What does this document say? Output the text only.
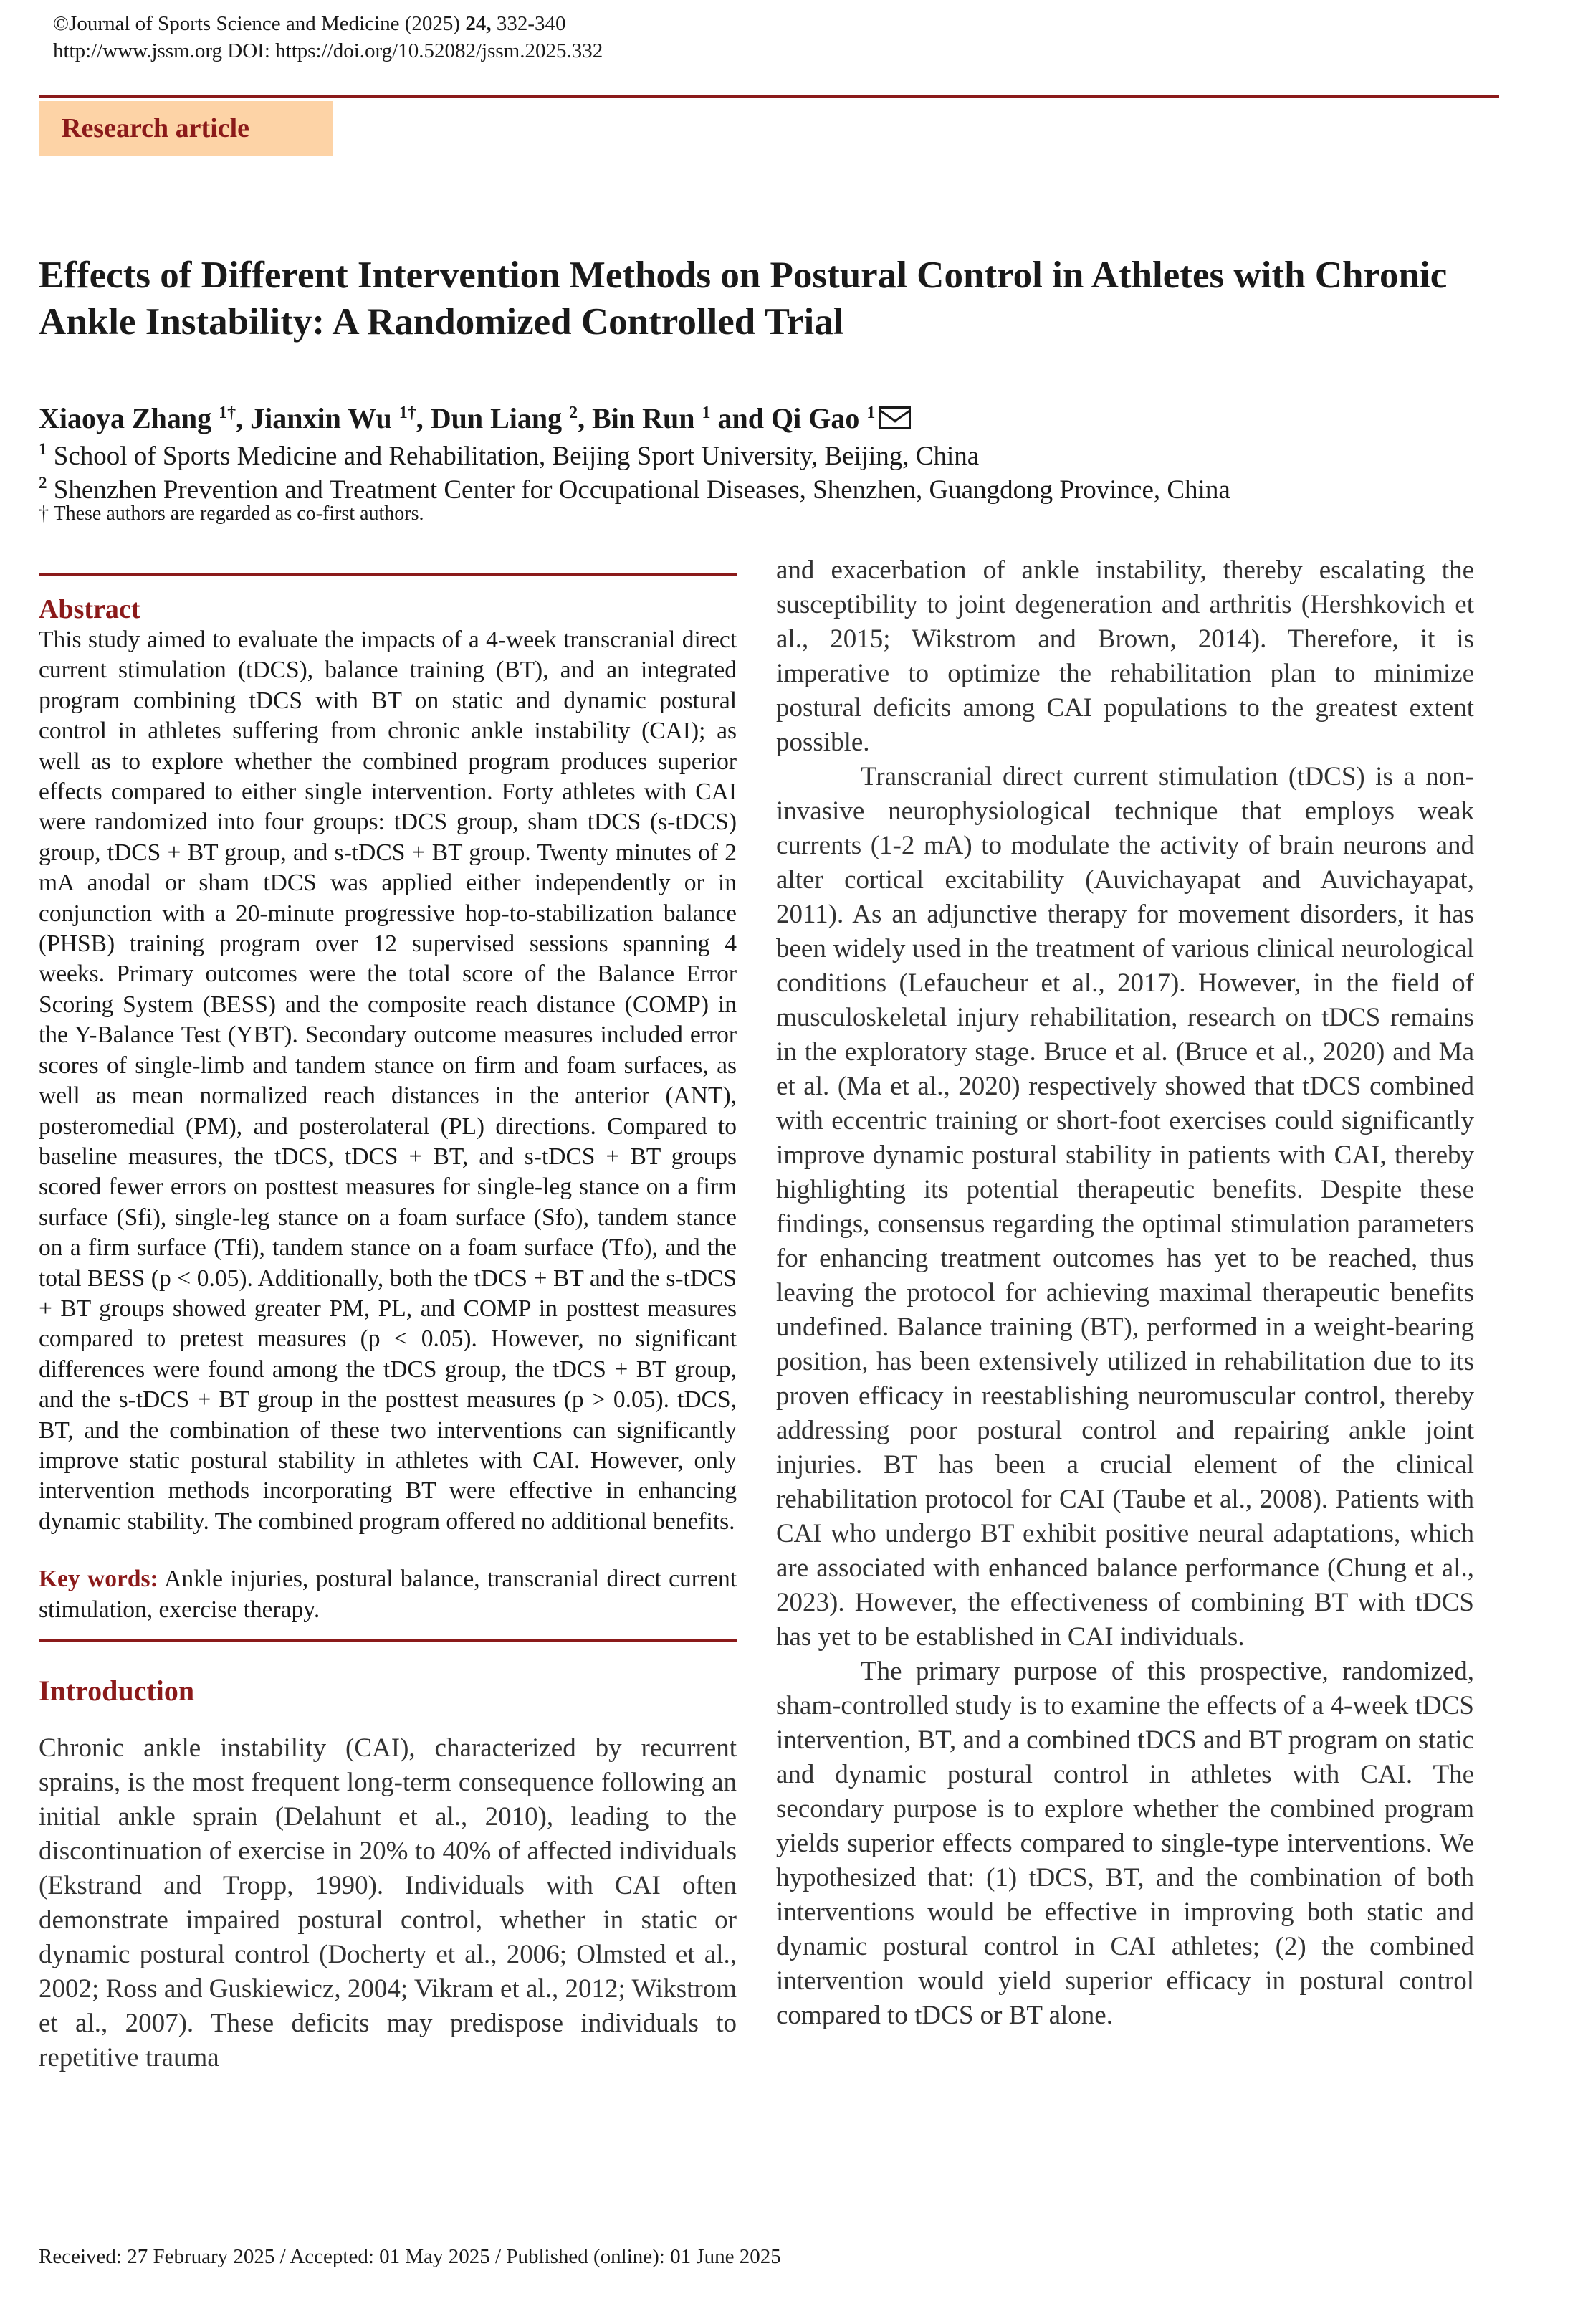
©Journal of Sports Science and Medicine (2025) 24, 332-340
http://www.jssm.org DOI: https://doi.org/10.52082/jssm.2025.332
Research article
Effects of Different Intervention Methods on Postural Control in Athletes with Chronic Ankle Instability: A Randomized Controlled Trial
Xiaoya Zhang $^{1\dagger}$, Jianxin Wu $^{1\dagger}$, Dun Liang $^2$, Bin Run $^1$ and Qi Gao $^1$
$^1$ School of Sports Medicine and Rehabilitation, Beijing Sport University, Beijing, China
$^2$ Shenzhen Prevention and Treatment Center for Occupational Diseases, Shenzhen, Guangdong Province, China
† These authors are regarded as co-first authors.
Abstract

This study aimed to evaluate the impacts of a 4-week transcranial direct current stimulation (tDCS), balance training (BT), and an integrated program combining tDCS with BT on static and dynamic postural control in athletes suffering from chronic ankle instability (CAI); as well as to explore whether the combined program produces superior effects compared to either single intervention. Forty athletes with CAI were randomized into four groups: tDCS group, sham tDCS (s-tDCS) group, tDCS + BT group, and s-tDCS + BT group. Twenty minutes of 2 mA anodal or sham tDCS was applied either independently or in conjunction with a 20-minute progressive hop-to-stabilization balance (PHSB) training program over 12 supervised sessions spanning 4 weeks. Primary outcomes were the total score of the Balance Error Scoring System (BESS) and the composite reach distance (COMP) in the Y-Balance Test (YBT). Secondary outcome measures included error scores of single-limb and tandem stance on firm and foam surfaces, as well as mean normalized reach distances in the anterior (ANT), posteromedial (PM), and posterolateral (PL) directions. Compared to baseline measures, the tDCS, tDCS + BT, and s-tDCS + BT groups scored fewer errors on posttest measures for single-leg stance on a firm surface (Sfi), single-leg stance on a foam surface (Sfo), tandem stance on a firm surface (Tfi), tandem stance on a foam surface (Tfo), and the total BESS (p < 0.05). Additionally, both the tDCS + BT and the s-tDCS + BT groups showed greater PM, PL, and COMP in posttest measures compared to pretest measures (p < 0.05). However, no significant differences were found among the tDCS group, the tDCS + BT group, and the s-tDCS + BT group in the posttest measures (p > 0.05). tDCS, BT, and the combination of these two interventions can significantly improve static postural stability in athletes with CAI. However, only intervention methods incorporating BT were effective in enhancing dynamic stability. The combined program offered no additional benefits.

Key words: Ankle injuries, postural balance, transcranial direct current stimulation, exercise therapy.

Introduction

Chronic ankle instability (CAI), characterized by recurrent sprains, is the most frequent long-term consequence following an initial ankle sprain (Delahunt et al., 2010), leading to the discontinuation of exercise in 20% to 40% of affected individuals (Ekstrand and Tropp, 1990). Individuals with CAI often demonstrate impaired postural control, whether in static or dynamic postural control (Docherty et al., 2006; Olmsted et al., 2002; Ross and Guskiewicz, 2004; Vikram et al., 2012; Wikstrom et al., 2007). These deficits may predispose individuals to repetitive trauma

and exacerbation of ankle instability, thereby escalating the susceptibility to joint degeneration and arthritis (Hershkovich et al., 2015; Wikstrom and Brown, 2014). Therefore, it is imperative to optimize the rehabilitation plan to minimize postural deficits among CAI populations to the greatest extent possible.

Transcranial direct current stimulation (tDCS) is a non-invasive neurophysiological technique that employs weak currents (1-2 mA) to modulate the activity of brain neurons and alter cortical excitability (Auvichayapat and Auvichayapat, 2011). As an adjunctive therapy for movement disorders, it has been widely used in the treatment of various clinical neurological conditions (Lefaucheur et al., 2017). However, in the field of musculoskeletal injury rehabilitation, research on tDCS remains in the exploratory stage. Bruce et al. (Bruce et al., 2020) and Ma et al. (Ma et al., 2020) respectively showed that tDCS combined with eccentric training or short-foot exercises could significantly improve dynamic postural stability in patients with CAI, thereby highlighting its potential therapeutic benefits. Despite these findings, consensus regarding the optimal stimulation parameters for enhancing treatment outcomes has yet to be reached, thus leaving the protocol for achieving maximal therapeutic benefits undefined. Balance training (BT), performed in a weight-bearing position, has been extensively utilized in rehabilitation due to its proven efficacy in reestablishing neuromuscular control, thereby addressing poor postural control and repairing ankle joint injuries. BT has been a crucial element of the clinical rehabilitation protocol for CAI (Taube et al., 2008). Patients with CAI who undergo BT exhibit positive neural adaptations, which are associated with enhanced balance performance (Chung et al., 2023). However, the effectiveness of combining BT with tDCS has yet to be established in CAI individuals.

The primary purpose of this prospective, randomized, sham-controlled study is to examine the effects of a 4-week tDCS intervention, BT, and a combined tDCS and BT program on static and dynamic postural control in athletes with CAI. The secondary purpose is to explore whether the combined program yields superior effects compared to single-type interventions. We hypothesized that: (1) tDCS, BT, and the combination of both interventions would be effective in improving both static and dynamic postural control in CAI athletes; (2) the combined intervention would yield superior efficacy in postural control compared to tDCS or BT alone.

Received: 27 February 2025 / Accepted: 01 May 2025 / Published (online): 01 June 2025
